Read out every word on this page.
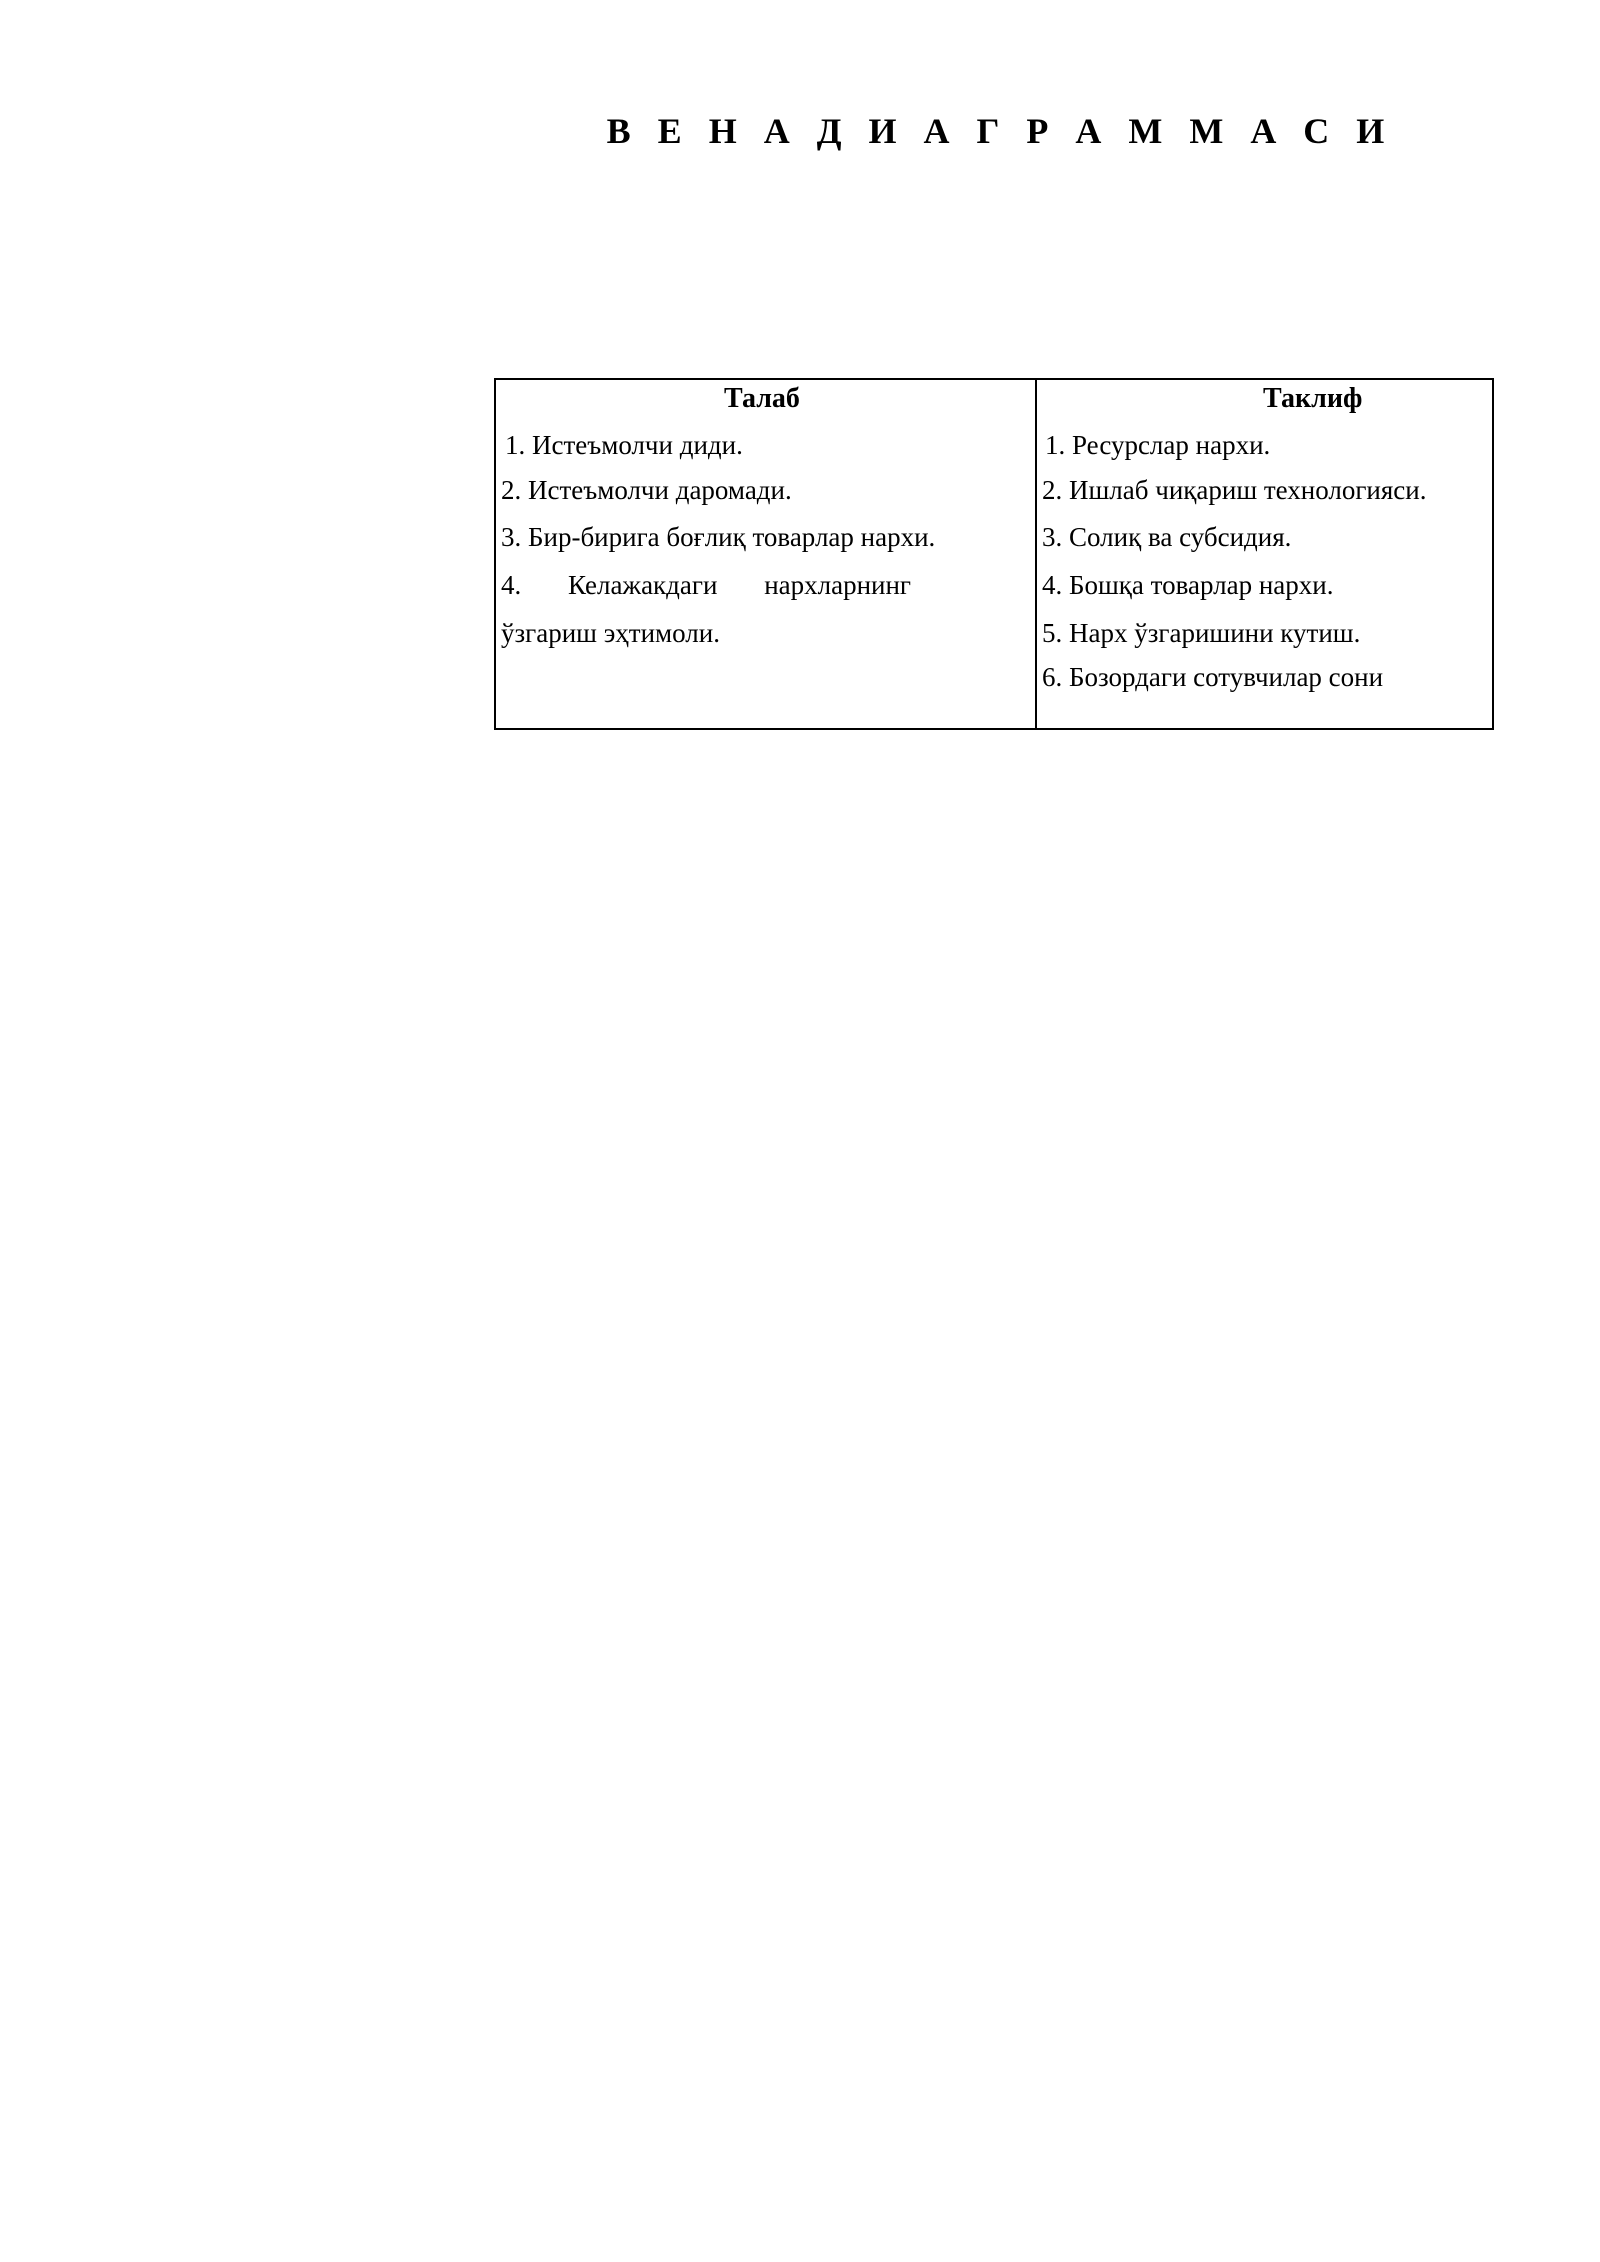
В Е Н А Д И А Г Р А М М А С И
Талаб
1. Истеъмолчи диди.
2. Истеъмолчи даромади.
3. Бир-бирига боғлиқ товарлар нархи.
4. Келажакдаги нархларнинг
ўзгариш эҳтимоли.
Таклиф
1. Ресурслар нархи.
2. Ишлаб чиқариш технологияси.
3. Солиқ ва субсидия.
4. Бошқа товарлар нархи.
5. Нарх ўзгаришини кутиш.
6. Бозордаги сотувчилар сони
